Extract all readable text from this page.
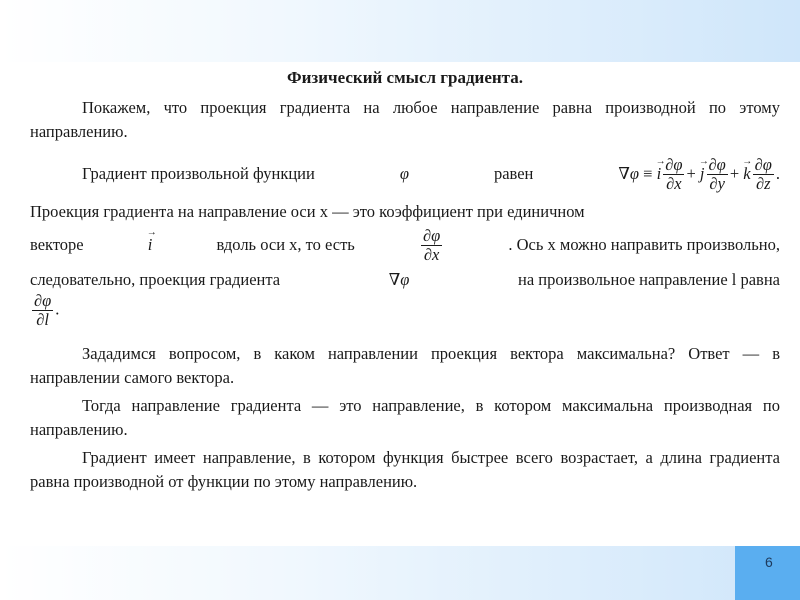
6
Физический смысл градиента.
Покажем, что проекция градиента на любое направление равна производной по этому направлению.
Градиент произвольной функции	φ	равен	∇ φ
≡
→ i $\frac{\partial\varphi}{\partial x}$ +
→ j $\frac{\partial\varphi}{\partial y}$ +
→ k $\frac{\partial\varphi}{\partial z}$ .
Проекция градиента на направление оси x — это коэффициент при единичном
векторе	→ i	вдоль оси x, то есть	$\frac{\partial\varphi}{\partial x}$	. Ось x можно направить произвольно,
следовательно, проекция градиента	∇ φ	на произвольное направление l равна
$\frac{\partial\varphi}{\partial l}$ .
Зададимся вопросом, в каком направлении проекция вектора максимальна? Ответ — в направлении самого вектора.
Тогда направление градиента — это направление, в котором максимальна производная по направлению.
Градиент имеет направление, в котором функция быстрее всего возрастает, а длина градиента равна производной от функции по этому направлению.
